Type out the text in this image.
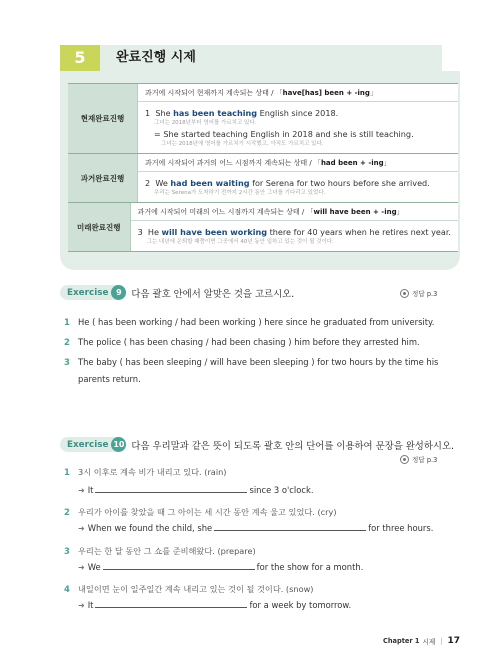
5	완료진행 시제
현재완료진행
과거에 시작되어 현재까지 계속되는 상태 / 「have[has] been + -ing」
1 She has been teaching English since 2018.
그녀는 2018년부터 영어를 가르치고 있다.
= She started teaching English in 2018 and she is still teaching.
그녀는 2018년에 영어를 가르치기 시작했고, 아직도 가르치고 있다.
과거완료진행
과거에 시작되어 과거의 어느 시점까지 계속되는 상태 / 「had been + -ing」
2 We had been waiting for Serena for two hours before she arrived.
우리는 Serena가 도착하기 전까지 2시간 동안 그녀를 기다리고 있었다.
미래완료진행
과거에 시작되어 미래의 어느 시점까지 계속되는 상태 / 「will have been + -ing」
3 He will have been working there for 40 years when he retires next year.
그는 내년에 은퇴할 때쯤이면 그곳에서 40년 동안 일하고 있는 것이 될 것이다.
Exercise 9	다음 괄호 안에서 알맞은 것을 고르시오.	정답 p.3
1 He ( has been working / had been working ) here since he graduated from university.
2 The police ( has been chasing / had been chasing ) him before they arrested him.
3 The baby ( has been sleeping / will have been sleeping ) for two hours by the time his
parents return.
Exercise 10 다음 우리말과 같은 뜻이 되도록 괄호 안의 단어를 이용하여 문장을 완성하시오.
정답 p.3
1 3시 이후로 계속 비가 내리고 있다. (rain)
➜ It	since 3 o'clock.
2 우리가 아이를 찾았을 때 그 아이는 세 시간 동안 계속 울고 있었다. (cry)
➜ When we found the child, she	for three hours.
3 우리는 한 달 동안 그 쇼를 준비해왔다. (prepare)
➜ We	for the show for a month.
4 내일이면 눈이 일주일간 계속 내리고 있는 것이 될 것이다. (snow)
➜ It	for a week by tomorrow.
Chapter 1 시제 | 17
